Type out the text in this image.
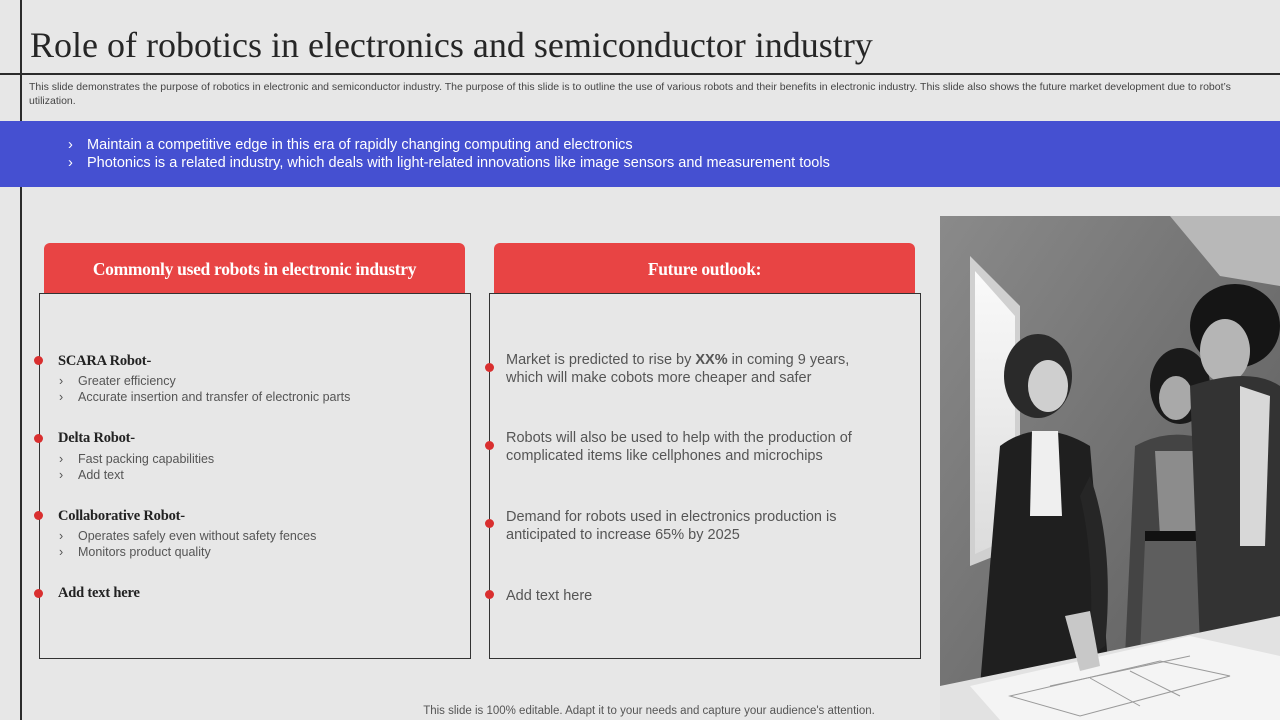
Role of robotics in electronics and semiconductor industry
This slide demonstrates the purpose of robotics in electronic and semiconductor industry. The purpose of this slide is to outline the use of various robots and their benefits in electronic industry. This slide also shows the future market development due to robot’s utilization.
› Maintain a competitive edge in this era of rapidly changing computing and electronics
› Photonics is a related industry, which deals with light-related innovations like image sensors and measurement tools
Commonly used robots in electronic industry
SCARA Robot-
› Greater efficiency
› Accurate insertion and transfer of electronic parts
Delta Robot-
› Fast packing capabilities
› Add text
Collaborative Robot-
› Operates safely even without safety fences
› Monitors product quality
Add text here
Future outlook:
Market is predicted to rise by XX% in coming 9 years, which will make cobots more cheaper and safer
Robots will also be used to help with the production of complicated items like cellphones and microchips
Demand for robots used in electronics production is anticipated to increase 65% by 2025
Add text here
This slide is 100% editable. Adapt it to your needs and capture your audience's attention.
